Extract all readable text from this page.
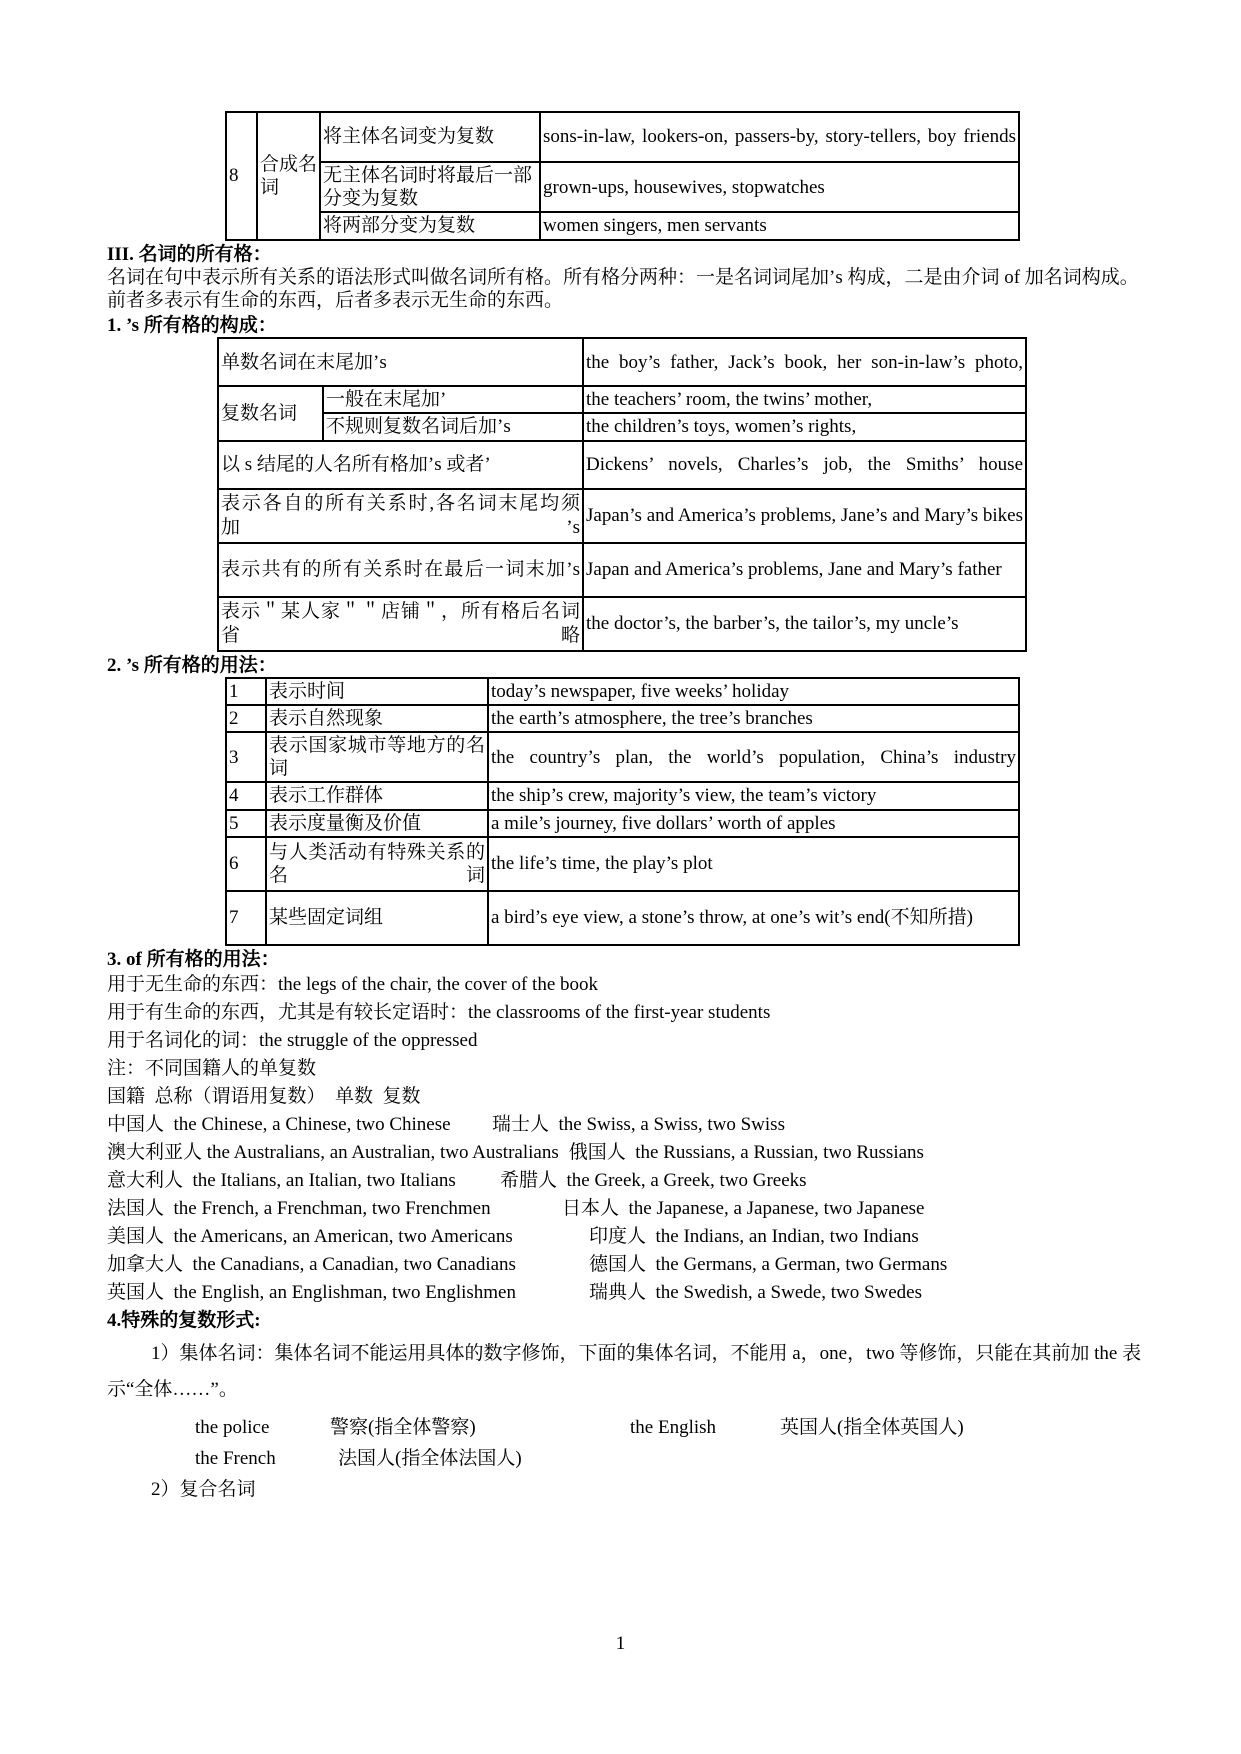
8	合成名词	将主体名词变为复数	sons-in-law, lookers-on, passers-by, story-tellers, boy friends
		无主体名词时将最后一部分变为复数	grown-ups, housewives, stopwatches
		将两部分变为复数	women singers, men servants

III. 名词的所有格：

名词在句中表示所有关系的语法形式叫做名词所有格。所有格分两种：一是名词词尾加’s 构成，二是由介词 of 加名词构成。前者多表示有生命的东西，后者多表示无生命的东西。

1. ’s 所有格的构成：

单数名词在末尾加’s		the boy’s father, Jack’s book, her son-in-law’s photo,
复数名词	一般在末尾加’	the teachers’ room, the twins’ mother,
	不规则复数名词后加’s	the children’s toys, women’s rights,
以 s 结尾的人名所有格加’s 或者’		Dickens’ novels, Charles’s job, the Smiths’ house
表示各自的所有关系时,各名词末尾均须加’s		Japan’s and America’s problems, Jane’s and Mary’s bikes
表示共有的所有关系时在最后一词末加’s		Japan and America’s problems, Jane and Mary’s father
表示＂某人家＂＂店铺＂，所有格后名词省略		the doctor’s, the barber’s, the tailor’s, my uncle’s

2. ’s 所有格的用法：

1	表示时间	today’s newspaper, five weeks’ holiday
2	表示自然现象	the earth’s atmosphere, the tree’s branches
3	表示国家城市等地方的名词	the country’s plan, the world’s population, China’s industry
4	表示工作群体	the ship’s crew, majority’s view, the team’s victory
5	表示度量衡及价值	a mile’s journey, five dollars’ worth of apples
6	与人类活动有特殊关系的名词	the life’s time, the play’s plot
7	某些固定词组	a bird’s eye view, a stone’s throw, at one’s wit’s end(不知所措)

3. of 所有格的用法：

用于无生命的东西：the legs of the chair, the cover of the book

用于有生命的东西，尤其是有较长定语时：the classrooms of the first-year students

用于名词化的词：the struggle of the oppressed

注：不同国籍人的单复数

国籍  总称（谓语用复数）  单数  复数

中国人  the Chinese, a Chinese, two Chinese	瑞士人  the Swiss, a Swiss, two Swiss
澳大利亚人 the Australians, an Australian, two Australians 俄国人  the Russians, a Russian, two Russians
意大利人  the Italians, an Italian, two Italians	希腊人  the Greek, a Greek, two Greeks
法国人  the French, a Frenchman, two Frenchmen	日本人  the Japanese, a Japanese, two Japanese
美国人  the Americans, an American, two Americans	印度人  the Indians, an Indian, two Indians
加拿大人  the Canadians, a Canadian, two Canadians	德国人  the Germans, a German, two Germans
英国人  the English, an Englishman, two Englishmen	瑞典人  the Swedish, a Swede, two Swedes

4.特殊的复数形式:

1）集体名词：集体名词不能运用具体的数字修饰，下面的集体名词，不能用 a，one，two 等修饰，只能在其前加 the 表示“全体……”。

the police	警察(指全体警察)	the English	英国人(指全体英国人)
the French	法国人(指全体法国人)

2）复合名词

1
